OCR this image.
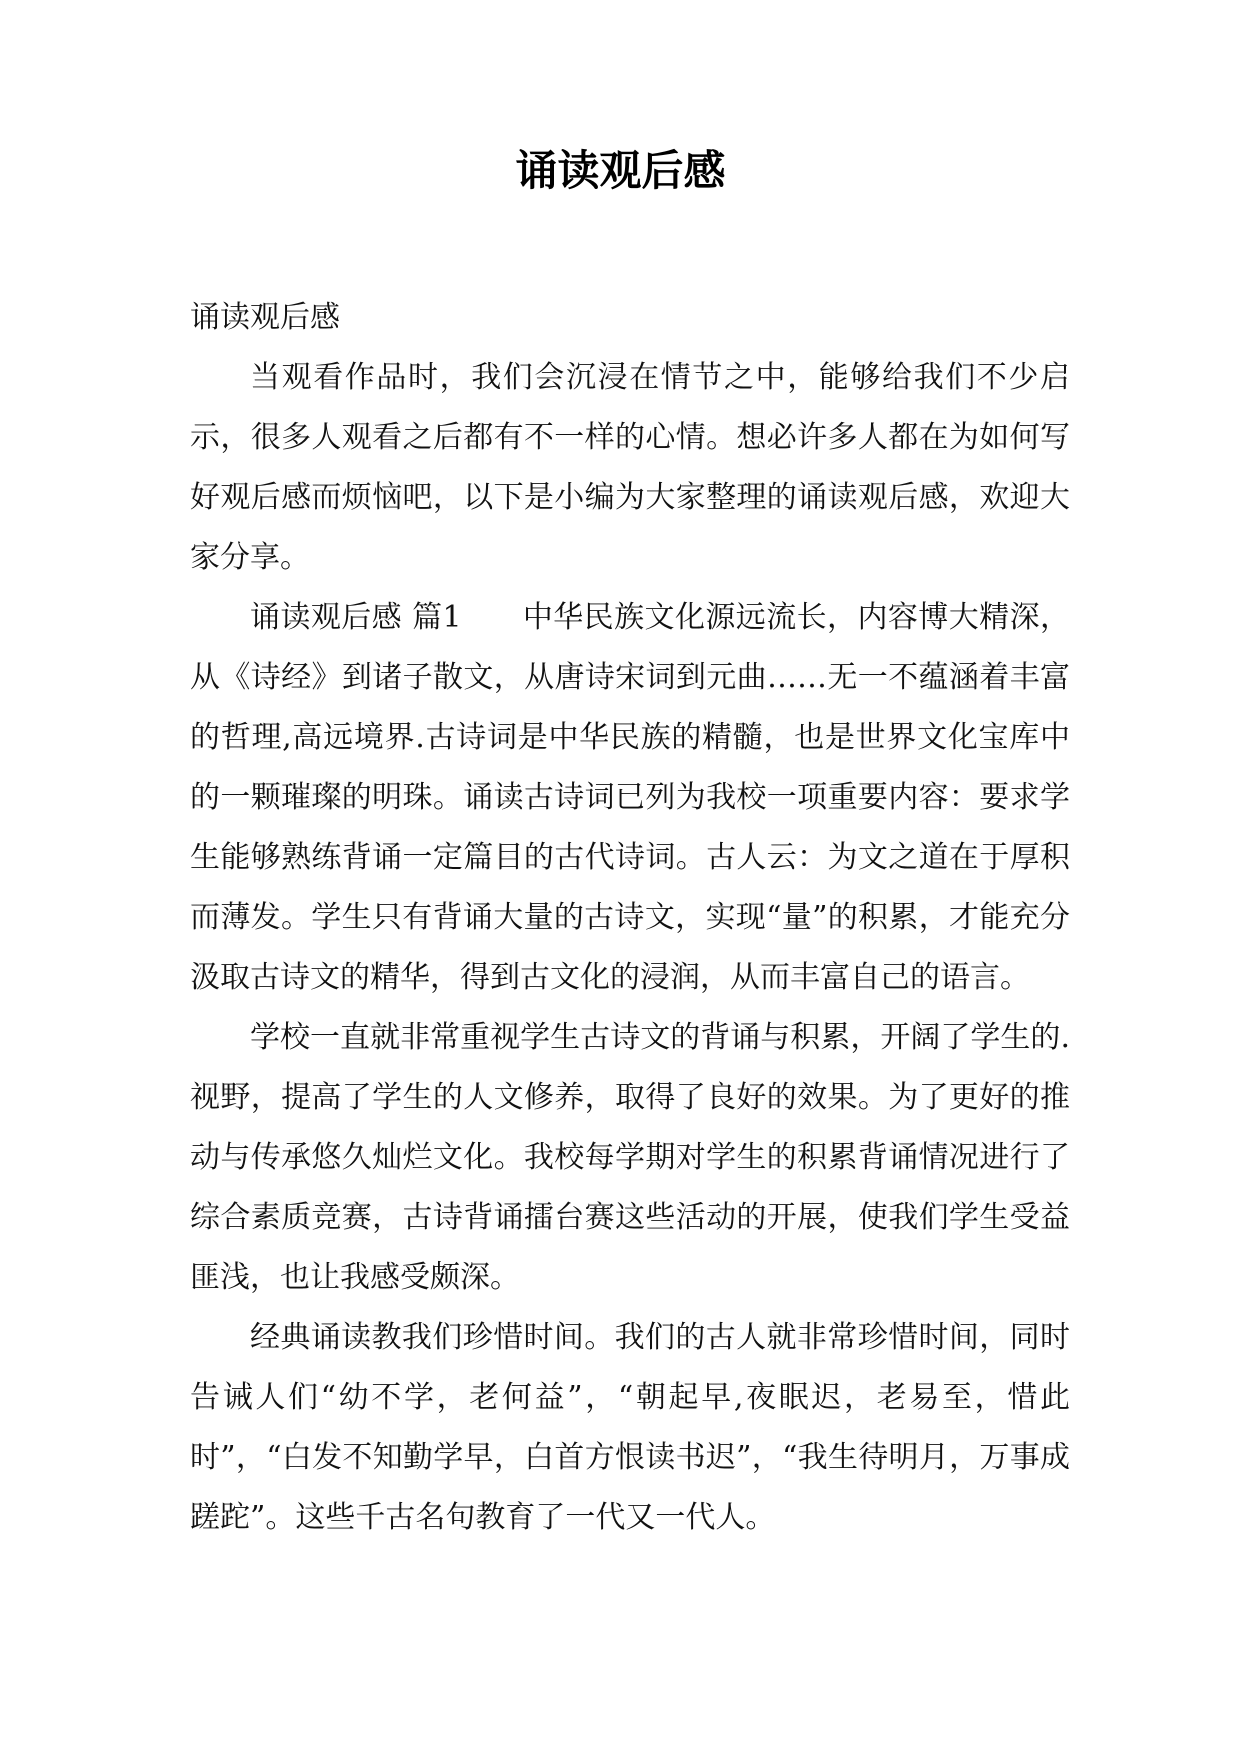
诵读观后感

诵读观后感

当观看作品时，我们会沉浸在情节之中，能够给我们不少启示，很多人观看之后都有不一样的心情。想必许多人都在为如何写好观后感而烦恼吧，以下是小编为大家整理的诵读观后感，欢迎大家分享。

诵读观后感 篇1　　中华民族文化源远流长，内容博大精深，从《诗经》到诸子散文，从唐诗宋词到元曲……无一不蕴涵着丰富的哲理,高远境界.古诗词是中华民族的精髓，也是世界文化宝库中的一颗璀璨的明珠。诵读古诗词已列为我校一项重要内容：要求学生能够熟练背诵一定篇目的古代诗词。古人云：为文之道在于厚积而薄发。学生只有背诵大量的古诗文，实现“量”的积累，才能充分汲取古诗文的精华，得到古文化的浸润，从而丰富自己的语言。

学校一直就非常重视学生古诗文的背诵与积累，开阔了学生的.视野，提高了学生的人文修养，取得了良好的效果。为了更好的推动与传承悠久灿烂文化。我校每学期对学生的积累背诵情况进行了综合素质竞赛，古诗背诵擂台赛这些活动的开展，使我们学生受益匪浅，也让我感受颇深。

经典诵读教我们珍惜时间。我们的古人就非常珍惜时间，同时告诫人们“幼不学，老何益”，“朝起早,夜眠迟，老易至，惜此时”，“白发不知勤学早，白首方恨读书迟”，“我生待明月，万事成蹉跎”。这些千古名句教育了一代又一代人。
